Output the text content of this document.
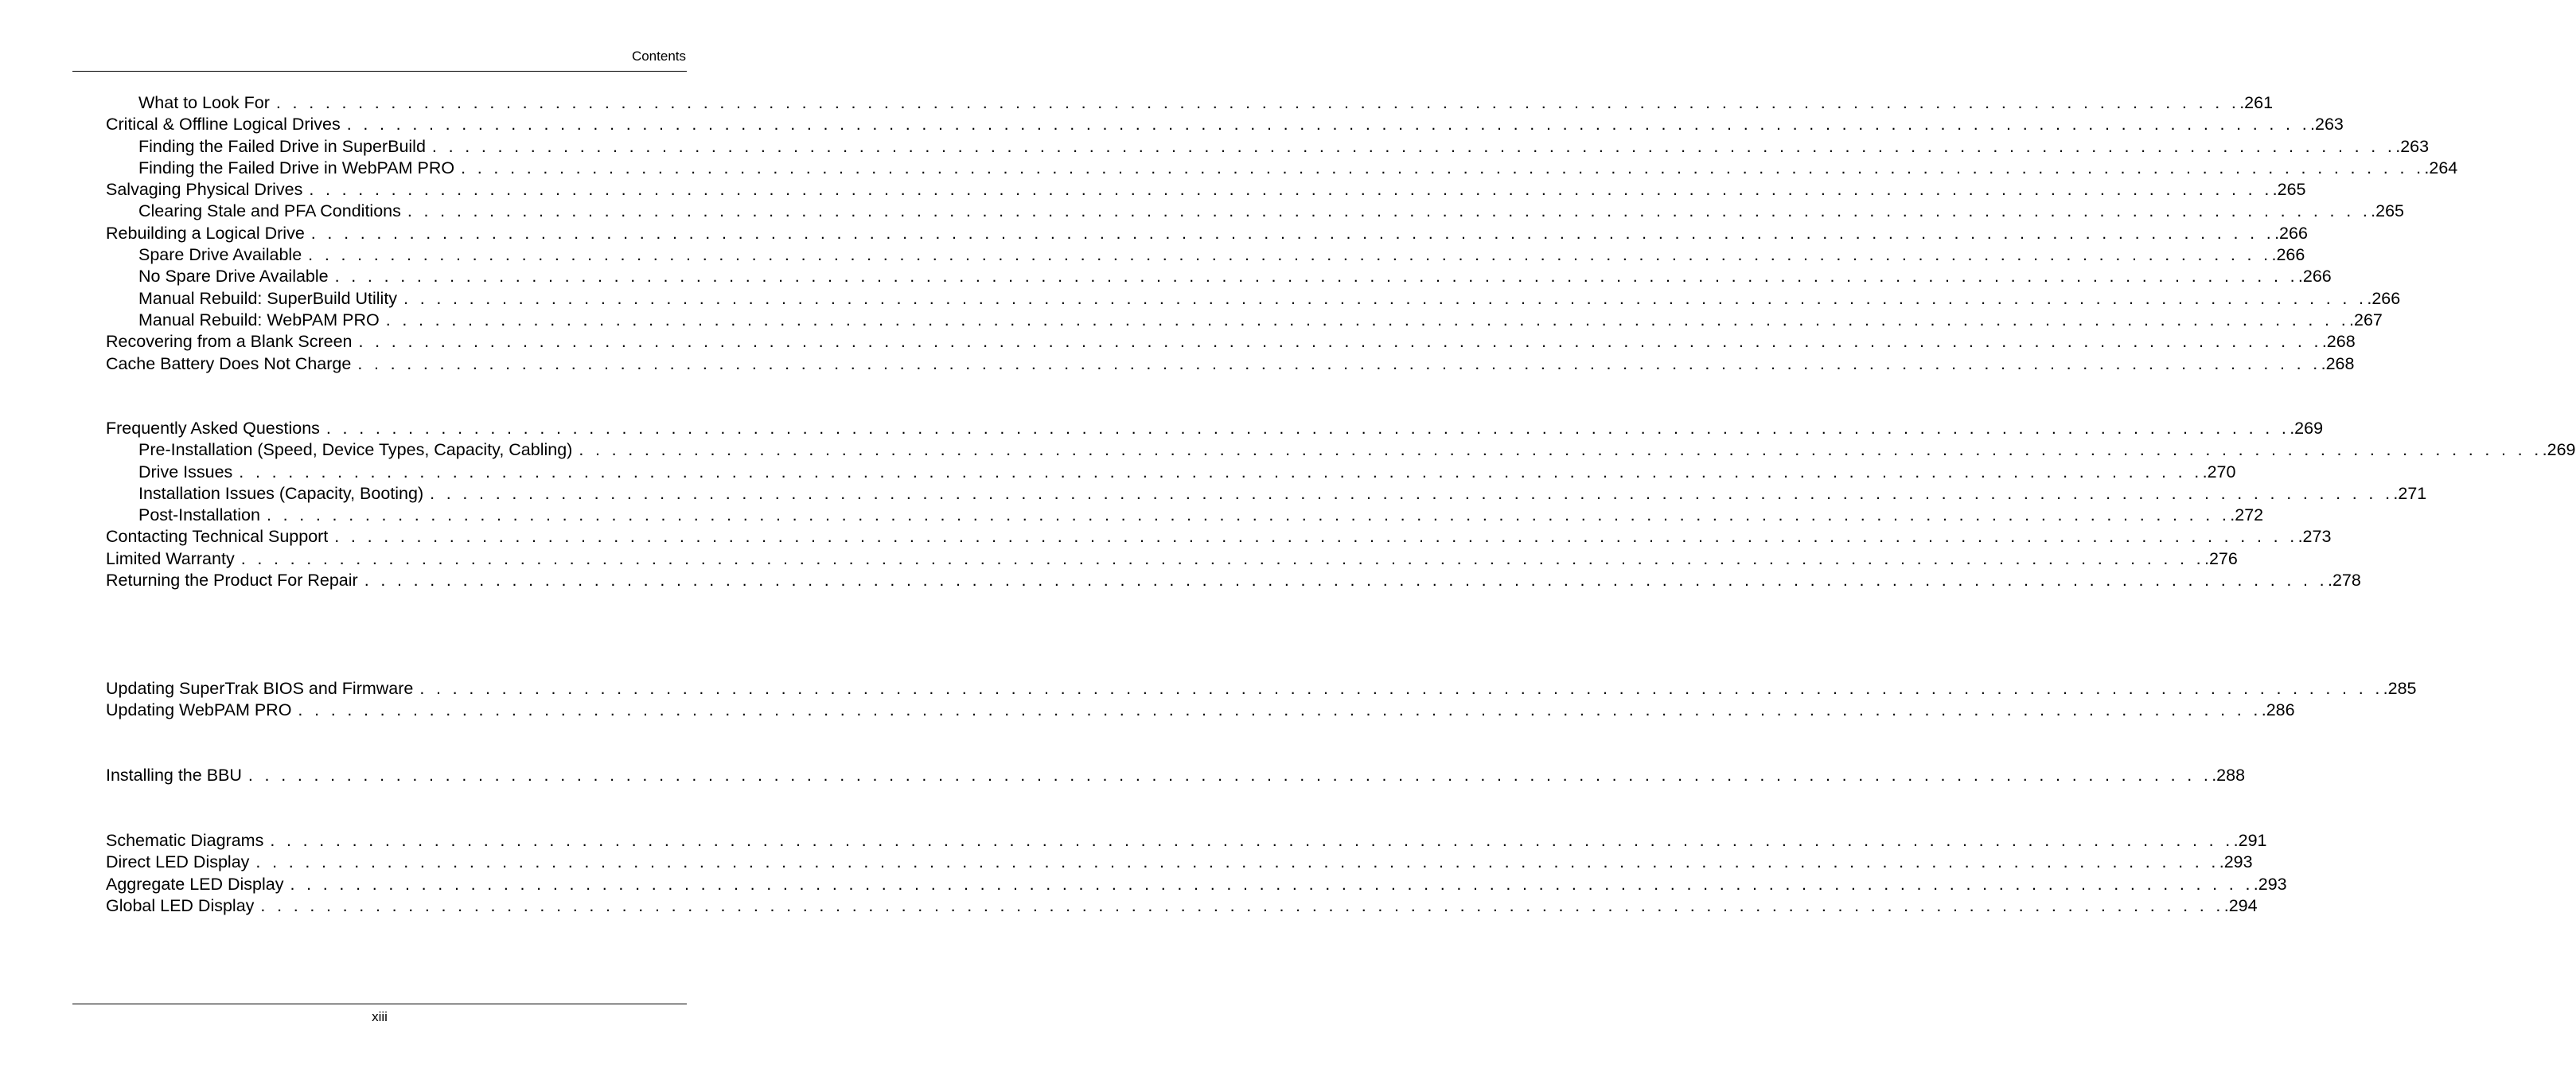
Contents
What to Look For . . . . . . . . . . . . . . . . . . . . . . . . . . . . . . . . . . . . . . . . . . . . . . . . . . . . . . . . . . . . . . . . . . . . . . . . . . . . . . . . . . . . . . . . . . . . . . . . . . . . . . . . . . . . . . . . . . . . . . . . .261
Critical & Offline Logical Drives . . . . . . . . . . . . . . . . . . . . . . . . . . . . . . . . . . . . . . . . . . . . . . . . . . . . . . . . . . . . . . . . . . . . . . . . . . . . . . . . . . . . . . . . . . . . . . . . . . . . . . . . . . . . . . . . . . . . . . . . .263
Finding the Failed Drive in SuperBuild . . . . . . . . . . . . . . . . . . . . . . . . . . . . . . . . . . . . . . . . . . . . . . . . . . . . . . . . . . . . . . . . . . . . . . . . . . . . . . . . . . . . . . . . . . . . . . . . . . . . . . . . . . . . . . . . . . . . . . . . .263
Finding the Failed Drive in WebPAM PRO . . . . . . . . . . . . . . . . . . . . . . . . . . . . . . . . . . . . . . . . . . . . . . . . . . . . . . . . . . . . . . . . . . . . . . . . . . . . . . . . . . . . . . . . . . . . . . . . . . . . . . . . . . . . . . . . . . . . . . . . .264
Salvaging Physical Drives . . . . . . . . . . . . . . . . . . . . . . . . . . . . . . . . . . . . . . . . . . . . . . . . . . . . . . . . . . . . . . . . . . . . . . . . . . . . . . . . . . . . . . . . . . . . . . . . . . . . . . . . . . . . . . . . . . . . . . . . .265
Clearing Stale and PFA Conditions . . . . . . . . . . . . . . . . . . . . . . . . . . . . . . . . . . . . . . . . . . . . . . . . . . . . . . . . . . . . . . . . . . . . . . . . . . . . . . . . . . . . . . . . . . . . . . . . . . . . . . . . . . . . . . . . . . . . . . . . .265
Rebuilding a Logical Drive . . . . . . . . . . . . . . . . . . . . . . . . . . . . . . . . . . . . . . . . . . . . . . . . . . . . . . . . . . . . . . . . . . . . . . . . . . . . . . . . . . . . . . . . . . . . . . . . . . . . . . . . . . . . . . . . . . . . . . . . .266
Spare Drive Available . . . . . . . . . . . . . . . . . . . . . . . . . . . . . . . . . . . . . . . . . . . . . . . . . . . . . . . . . . . . . . . . . . . . . . . . . . . . . . . . . . . . . . . . . . . . . . . . . . . . . . . . . . . . . . . . . . . . . . . . .266
No Spare Drive Available . . . . . . . . . . . . . . . . . . . . . . . . . . . . . . . . . . . . . . . . . . . . . . . . . . . . . . . . . . . . . . . . . . . . . . . . . . . . . . . . . . . . . . . . . . . . . . . . . . . . . . . . . . . . . . . . . . . . . . . . .266
Manual Rebuild: SuperBuild Utility . . . . . . . . . . . . . . . . . . . . . . . . . . . . . . . . . . . . . . . . . . . . . . . . . . . . . . . . . . . . . . . . . . . . . . . . . . . . . . . . . . . . . . . . . . . . . . . . . . . . . . . . . . . . . . . . . . . . . . . . .266
Manual Rebuild: WebPAM PRO . . . . . . . . . . . . . . . . . . . . . . . . . . . . . . . . . . . . . . . . . . . . . . . . . . . . . . . . . . . . . . . . . . . . . . . . . . . . . . . . . . . . . . . . . . . . . . . . . . . . . . . . . . . . . . . . . . . . . . . . .267
Recovering from a Blank Screen . . . . . . . . . . . . . . . . . . . . . . . . . . . . . . . . . . . . . . . . . . . . . . . . . . . . . . . . . . . . . . . . . . . . . . . . . . . . . . . . . . . . . . . . . . . . . . . . . . . . . . . . . . . . . . . . . . . . . . . . .268
Cache Battery Does Not Charge . . . . . . . . . . . . . . . . . . . . . . . . . . . . . . . . . . . . . . . . . . . . . . . . . . . . . . . . . . . . . . . . . . . . . . . . . . . . . . . . . . . . . . . . . . . . . . . . . . . . . . . . . . . . . . . . . . . . . . . . .268
Frequently Asked Questions . . . . . . . . . . . . . . . . . . . . . . . . . . . . . . . . . . . . . . . . . . . . . . . . . . . . . . . . . . . . . . . . . . . . . . . . . . . . . . . . . . . . . . . . . . . . . . . . . . . . . . . . . . . . . . . . . . . . . . . . .269
Pre-Installation (Speed, Device Types, Capacity, Cabling) . . . . . . . . . . . . . . . . . . . . . . . . . . . . . . . . . . . . . . . . . . . . . . . . . . . . . . . . . . . . . . . . . . . . . . . . . . . . . . . . . . . . . . . . . . . . . . . . . . . . . . . . . . . . . . . . . . . . . . . . .269
Drive Issues . . . . . . . . . . . . . . . . . . . . . . . . . . . . . . . . . . . . . . . . . . . . . . . . . . . . . . . . . . . . . . . . . . . . . . . . . . . . . . . . . . . . . . . . . . . . . . . . . . . . . . . . . . . . . . . . . . . . . . . . .270
Installation Issues (Capacity, Booting) . . . . . . . . . . . . . . . . . . . . . . . . . . . . . . . . . . . . . . . . . . . . . . . . . . . . . . . . . . . . . . . . . . . . . . . . . . . . . . . . . . . . . . . . . . . . . . . . . . . . . . . . . . . . . . . . . . . . . . . . .271
Post-Installation . . . . . . . . . . . . . . . . . . . . . . . . . . . . . . . . . . . . . . . . . . . . . . . . . . . . . . . . . . . . . . . . . . . . . . . . . . . . . . . . . . . . . . . . . . . . . . . . . . . . . . . . . . . . . . . . . . . . . . . . .272
Contacting Technical Support . . . . . . . . . . . . . . . . . . . . . . . . . . . . . . . . . . . . . . . . . . . . . . . . . . . . . . . . . . . . . . . . . . . . . . . . . . . . . . . . . . . . . . . . . . . . . . . . . . . . . . . . . . . . . . . . . . . . . . . . .273
Limited Warranty . . . . . . . . . . . . . . . . . . . . . . . . . . . . . . . . . . . . . . . . . . . . . . . . . . . . . . . . . . . . . . . . . . . . . . . . . . . . . . . . . . . . . . . . . . . . . . . . . . . . . . . . . . . . . . . . . . . . . . . . .276
Returning the Product For Repair . . . . . . . . . . . . . . . . . . . . . . . . . . . . . . . . . . . . . . . . . . . . . . . . . . . . . . . . . . . . . . . . . . . . . . . . . . . . . . . . . . . . . . . . . . . . . . . . . . . . . . . . . . . . . . . . . . . . . . . . .278
Updating SuperTrak BIOS and Firmware . . . . . . . . . . . . . . . . . . . . . . . . . . . . . . . . . . . . . . . . . . . . . . . . . . . . . . . . . . . . . . . . . . . . . . . . . . . . . . . . . . . . . . . . . . . . . . . . . . . . . . . . . . . . . . . . . . . . . . . . .285
Updating WebPAM PRO . . . . . . . . . . . . . . . . . . . . . . . . . . . . . . . . . . . . . . . . . . . . . . . . . . . . . . . . . . . . . . . . . . . . . . . . . . . . . . . . . . . . . . . . . . . . . . . . . . . . . . . . . . . . . . . . . . . . . . . . .286
Installing the BBU . . . . . . . . . . . . . . . . . . . . . . . . . . . . . . . . . . . . . . . . . . . . . . . . . . . . . . . . . . . . . . . . . . . . . . . . . . . . . . . . . . . . . . . . . . . . . . . . . . . . . . . . . . . . . . . . . . . . . . . . .288
Schematic Diagrams . . . . . . . . . . . . . . . . . . . . . . . . . . . . . . . . . . . . . . . . . . . . . . . . . . . . . . . . . . . . . . . . . . . . . . . . . . . . . . . . . . . . . . . . . . . . . . . . . . . . . . . . . . . . . . . . . . . . . . . . .291
Direct LED Display . . . . . . . . . . . . . . . . . . . . . . . . . . . . . . . . . . . . . . . . . . . . . . . . . . . . . . . . . . . . . . . . . . . . . . . . . . . . . . . . . . . . . . . . . . . . . . . . . . . . . . . . . . . . . . . . . . . . . . . . .293
Aggregate LED Display . . . . . . . . . . . . . . . . . . . . . . . . . . . . . . . . . . . . . . . . . . . . . . . . . . . . . . . . . . . . . . . . . . . . . . . . . . . . . . . . . . . . . . . . . . . . . . . . . . . . . . . . . . . . . . . . . . . . . . . . .293
Global LED Display . . . . . . . . . . . . . . . . . . . . . . . . . . . . . . . . . . . . . . . . . . . . . . . . . . . . . . . . . . . . . . . . . . . . . . . . . . . . . . . . . . . . . . . . . . . . . . . . . . . . . . . . . . . . . . . . . . . . . . . . .294
xiii
